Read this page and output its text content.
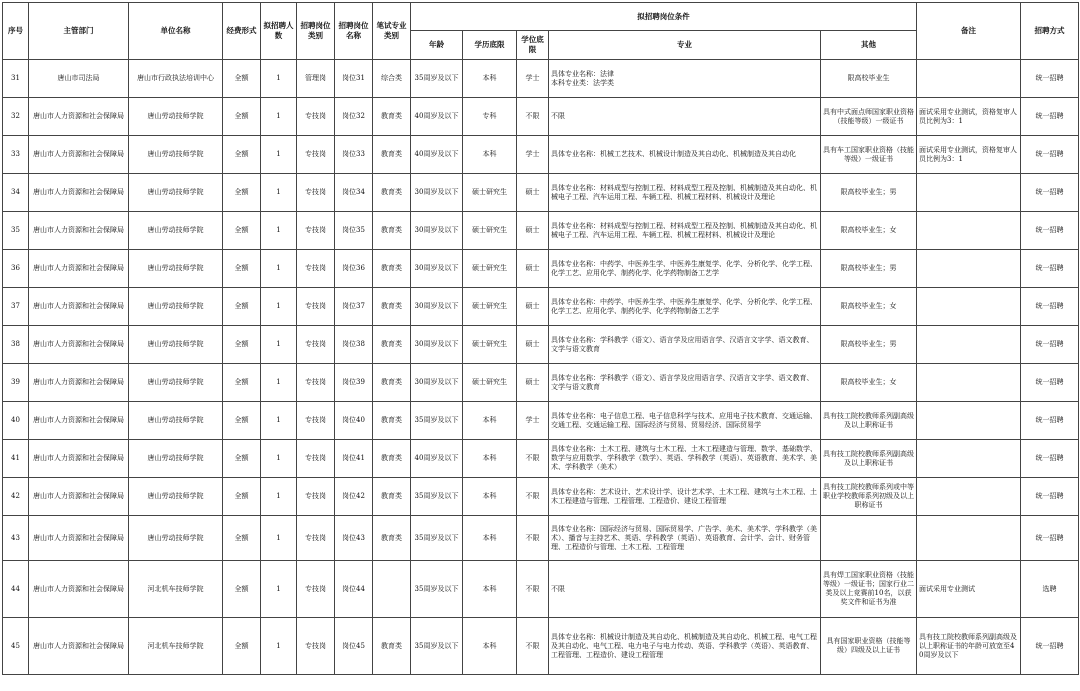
序号	主管部门	单位名称	经费形式	拟招聘人数	招聘岗位类别	招聘岗位名称	笔试专业类别	拟招聘岗位条件					备注	招聘方式
								年龄	学历底限	学位底限	专业	其他		
31	唐山市司法局	唐山市行政执法培训中心	全额	1	管理岗	岗位31	综合类	35周岁及以下	本科	学士	具体专业名称：法律
本科专业类：法学类	限高校毕业生		统一招聘
32	唐山市人力资源和社会保障局	唐山劳动技师学院	全额	1	专技岗	岗位32	教育类	40周岁及以下	专科	不限	不限	具有中式面点师国家职业资格（技能等级）一级证书	面试采用专业测试，资格复审人员比例为3：1	统一招聘
33	唐山市人力资源和社会保障局	唐山劳动技师学院	全额	1	专技岗	岗位33	教育类	40周岁及以下	本科	学士	具体专业名称：机械工艺技术、机械设计制造及其自动化、机械制造及其自动化	具有车工国家职业资格（技能等级）一级证书	面试采用专业测试，资格复审人员比例为3：1	统一招聘
34	唐山市人力资源和社会保障局	唐山劳动技师学院	全额	1	专技岗	岗位34	教育类	30周岁及以下	硕士研究生	硕士	具体专业名称：材料成型与控制工程、材料成型工程及控制、机械制造及其自动化、机械电子工程、汽车运用工程、车辆工程、机械工程材料、机械设计及理论	限高校毕业生；男		统一招聘
35	唐山市人力资源和社会保障局	唐山劳动技师学院	全额	1	专技岗	岗位35	教育类	30周岁及以下	硕士研究生	硕士	具体专业名称：材料成型与控制工程、材料成型工程及控制、机械制造及其自动化、机械电子工程、汽车运用工程、车辆工程、机械工程材料、机械设计及理论	限高校毕业生；女		统一招聘
36	唐山市人力资源和社会保障局	唐山劳动技师学院	全额	1	专技岗	岗位36	教育类	30周岁及以下	硕士研究生	硕士	具体专业名称：中药学、中医养生学、中医养生康复学、化学、分析化学、化学工程、化学工艺、应用化学、制药化学、化学药物制备工艺学	限高校毕业生；男		统一招聘
37	唐山市人力资源和社会保障局	唐山劳动技师学院	全额	1	专技岗	岗位37	教育类	30周岁及以下	硕士研究生	硕士	具体专业名称：中药学、中医养生学、中医养生康复学、化学、分析化学、化学工程、化学工艺、应用化学、制药化学、化学药物制备工艺学	限高校毕业生；女		统一招聘
38	唐山市人力资源和社会保障局	唐山劳动技师学院	全额	1	专技岗	岗位38	教育类	30周岁及以下	硕士研究生	硕士	具体专业名称：学科教学（语文）、语言学及应用语言学、汉语言文字学、语文教育、文学与语文教育	限高校毕业生；男		统一招聘
39	唐山市人力资源和社会保障局	唐山劳动技师学院	全额	1	专技岗	岗位39	教育类	30周岁及以下	硕士研究生	硕士	具体专业名称：学科教学（语文）、语言学及应用语言学、汉语言文字学、语文教育、文学与语文教育	限高校毕业生；女		统一招聘
40	唐山市人力资源和社会保障局	唐山劳动技师学院	全额	1	专技岗	岗位40	教育类	35周岁及以下	本科	学士	具体专业名称：电子信息工程、电子信息科学与技术、应用电子技术教育、交通运输、交通工程、交通运输工程、国际经济与贸易、贸易经济、国际贸易学	具有技工院校教师系列副高级及以上职称证书		统一招聘
41	唐山市人力资源和社会保障局	唐山劳动技师学院	全额	1	专技岗	岗位41	教育类	40周岁及以下	本科	不限	具体专业名称：土木工程、建筑与土木工程、土木工程建造与管理、数学、基础数学、数学与应用数学、学科教学（数学）、英语、学科教学（英语）、英语教育、美术学、美术、学科教学（美术）	具有技工院校教师系列副高级及以上职称证书		统一招聘
42	唐山市人力资源和社会保障局	唐山劳动技师学院	全额	1	专技岗	岗位42	教育类	35周岁及以下	本科	不限	具体专业名称：艺术设计、艺术设计学、设计艺术学、土木工程、建筑与土木工程、土木工程建造与管理、工程管理、工程造价、建设工程管理	具有技工院校教师系列或中等职业学校教师系列初级及以上职称证书		统一招聘
43	唐山市人力资源和社会保障局	唐山劳动技师学院	全额	1	专技岗	岗位43	教育类	35周岁及以下	本科	不限	具体专业名称：国际经济与贸易、国际贸易学、广告学、美术、美术学、学科教学（美术）、播音与主持艺术、英语、学科教学（英语）、英语教育、会计学、会计、财务管理、工程造价与管理、土木工程、工程管理			统一招聘
44	唐山市人力资源和社会保障局	河北机车技师学院	全额	1	专技岗	岗位44		35周岁及以下	本科	不限	不限	具有焊工国家职业资格（技能等级）一级证书；国家行业二类及以上竞赛前10名，以获奖文件和证书为准	面试采用专业测试	选聘
45	唐山市人力资源和社会保障局	河北机车技师学院	全额	1	专技岗	岗位45	教育类	35周岁及以下	本科	不限	具体专业名称：机械设计制造及其自动化、机械制造及其自动化、机械工程、电气工程及其自动化、电气工程、电力电子与电力传动、英语、学科教学（英语）、英语教育、工程管理、工程造价、建设工程管理	具有国家职业资格（技能等级）四级及以上证书	具有技工院校教师系列副高级及以上职称证书的年龄可放宽至40周岁及以下	统一招聘
